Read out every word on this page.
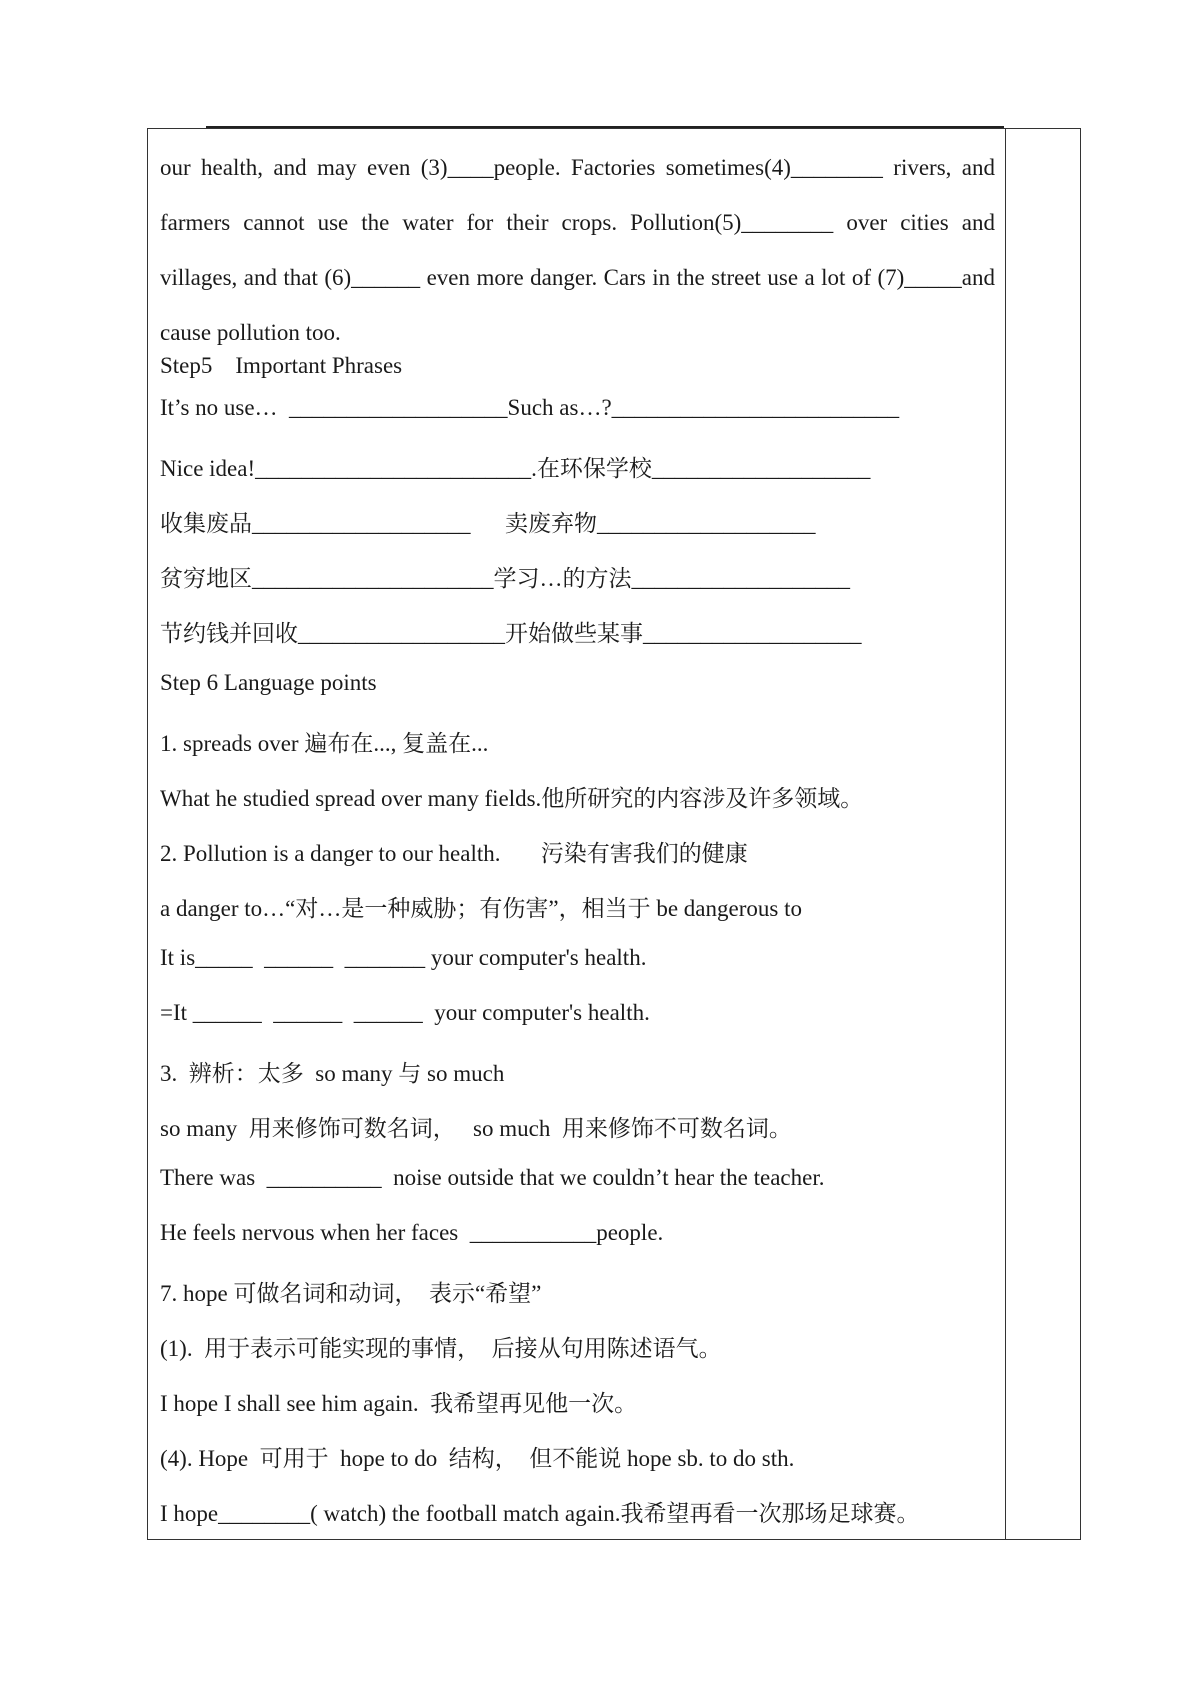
our health, and may even (3)____people. Factories sometimes(4)________ rivers, and farmers cannot use the water for their crops. Pollution(5)________ over cities and villages, and that (6)______ even more danger. Cars in the street use a lot of (7)_____and cause pollution too.

Step5    Important Phrases
It’s no use…  ___________________Such as…?_________________________
Nice idea!________________________.在环保学校___________________
收集废品___________________      卖废弃物___________________
贫穷地区_____________________学习…的方法___________________
节约钱并回收__________________开始做些某事___________________
Step 6 Language points
1. spreads over 遍布在..., 复盖在...
What he studied spread over many fields.他所研究的内容涉及许多领域。
2. Pollution is a danger to our health.       污染有害我们的健康
a danger to…“对…是一种威胁；有伤害”，相当于 be dangerous to
It is_____  ______  _______ your computer's health.
=It ______  ______  ______  your computer's health.
3.  辨析：太多  so many 与 so much
so many  用来修饰可数名词，   so much  用来修饰不可数名词。
There was  __________  noise outside that we couldn’t hear the teacher.
He feels nervous when her faces  ___________people.
7. hope 可做名词和动词，  表示“希望”
(1).  用于表示可能实现的事情，  后接从句用陈述语气。
I hope I shall see him again.  我希望再见他一次。
(4). Hope  可用于  hope to do  结构，  但不能说 hope sb. to do sth.
I hope________( watch) the football match again.我希望再看一次那场足球赛。
